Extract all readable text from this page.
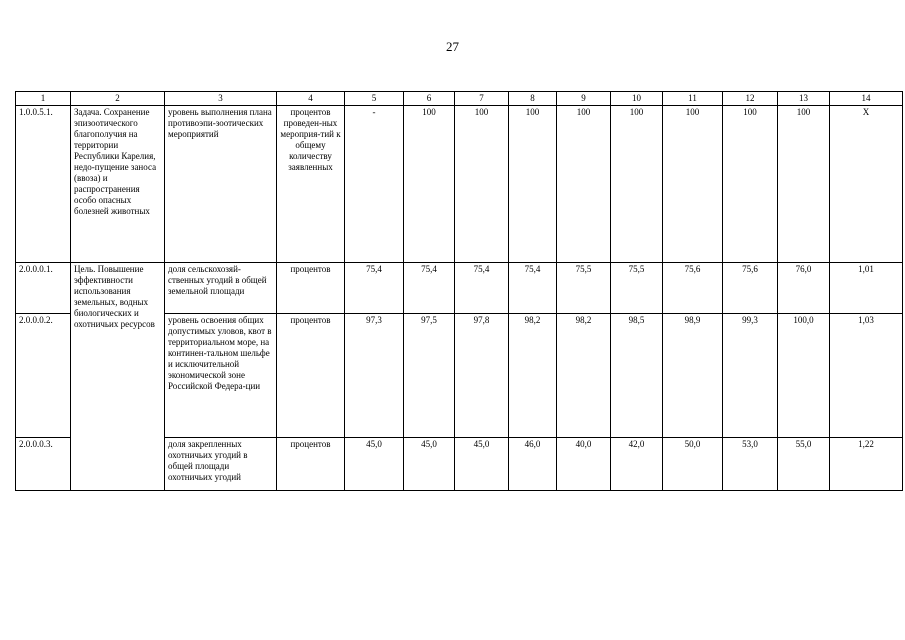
27
1	2	3	4	5	6	7	8	9	10	11	12	13	14
1.0.0.5.1.	Задача. Сохранение эпизоотического благополучия на территории Республики Карелия, недо-пущение заноса (ввоза) и распространения особо опасных болезней животных	уровень выполнения плана противоэпи-зоотических мероприятий	процентов проведен-ных мероприя-тий к общему количеству заявленных	-	100	100	100	100	100	100	100	100	Х
2.0.0.0.1.	Цель. Повышение эффективности использования земельных, водных биологических и охотничьих ресурсов	доля сельскохозяй-ственных угодий в общей земельной площади	процентов	75,4	75,4	75,4	75,4	75,5	75,5	75,6	75,6	76,0	1,01
2.0.0.0.2.		уровень освоения общих допустимых уловов, квот в территориальном море, на континен-тальном шельфе и исключительной экономической зоне Российской Федера-ции	процентов	97,3	97,5	97,8	98,2	98,2	98,5	98,9	99,3	100,0	1,03
2.0.0.0.3.		доля закрепленных охотничьих угодий в общей площади охотничьих угодий	процентов	45,0	45,0	45,0	46,0	40,0	42,0	50,0	53,0	55,0	1,22
